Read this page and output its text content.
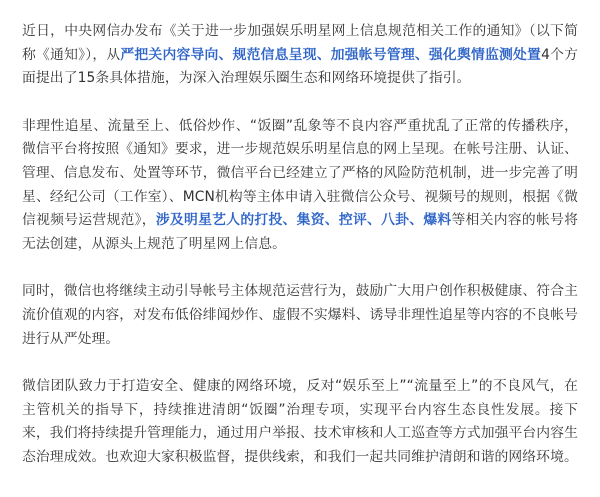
近日，中央网信办发布《关于进一步加强娱乐明星网上信息规范相关工作的通知》（以下简称《通知》），从严把关内容导向、规范信息呈现、加强帐号管理、强化舆情监测处置4个方面提出了15条具体措施，为深入治理娱乐圈生态和网络环境提供了指引。

非理性追星、流量至上、低俗炒作、“饭圈”乱象等不良内容严重扰乱了正常的传播秩序，微信平台将按照《通知》要求，进一步规范娱乐明星信息的网上呈现。在帐号注册、认证、管理、信息发布、处置等环节，微信平台已经建立了严格的风险防范机制，进一步完善了明星、经纪公司（工作室）、MCN机构等主体申请入驻微信公众号、视频号的规则，根据《微信视频号运营规范》，涉及明星艺人的打投、集资、控评、八卦、爆料等相关内容的帐号将无法创建，从源头上规范了明星网上信息。

同时，微信也将继续主动引导帐号主体规范运营行为，鼓励广大用户创作积极健康、符合主流价值观的内容，对发布低俗绯闻炒作、虚假不实爆料、诱导非理性追星等内容的不良帐号进行从严处理。

微信团队致力于打造安全、健康的网络环境，反对“娱乐至上”“流量至上”的不良风气，在主管机关的指导下，持续推进清朗“饭圈”治理专项，实现平台内容生态良性发展。接下来，我们将持续提升管理能力，通过用户举报、技术审核和人工巡查等方式加强平台内容生态治理成效。也欢迎大家积极监督，提供线索，和我们一起共同维护清朗和谐的网络环境。
